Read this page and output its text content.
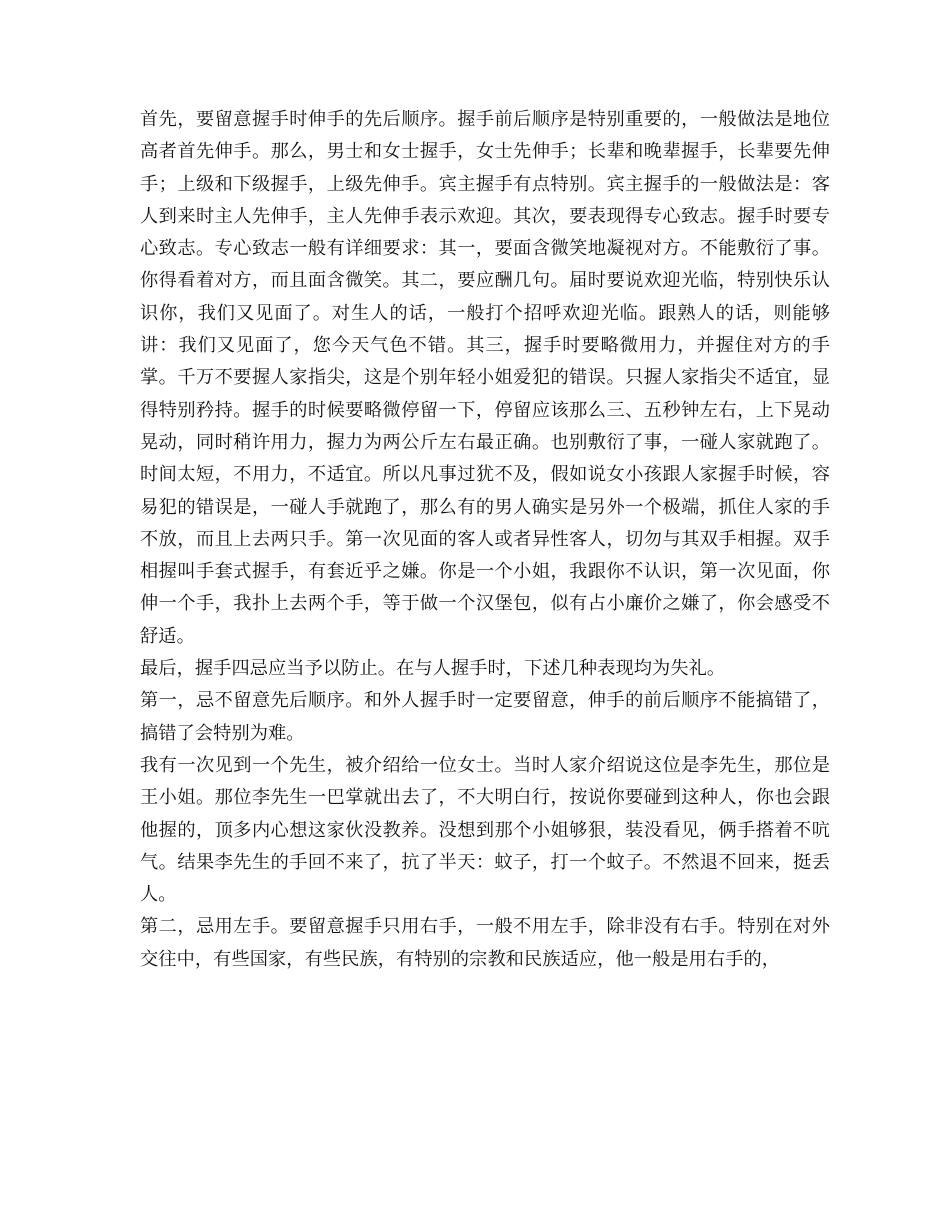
首先，要留意握手时伸手的先后顺序。握手前后顺序是特别重要的，一般做法是地位高者首先伸手。那么，男士和女士握手，女士先伸手；长辈和晚辈握手，长辈要先伸手；上级和下级握手，上级先伸手。宾主握手有点特别。宾主握手的一般做法是：客人到来时主人先伸手，主人先伸手表示欢迎。其次，要表现得专心致志。握手时要专心致志。专心致志一般有详细要求：其一，要面含微笑地凝视对方。不能敷衍了事。你得看着对方，而且面含微笑。其二，要应酬几句。届时要说欢迎光临，特别快乐认识你，我们又见面了。对生人的话，一般打个招呼欢迎光临。跟熟人的话，则能够讲：我们又见面了，您今天气色不错。其三，握手时要略微用力，并握住对方的手掌。千万不要握人家指尖，这是个别年轻小姐爱犯的错误。只握人家指尖不适宜，显得特别矜持。握手的时候要略微停留一下，停留应该那么三、五秒钟左右，上下晃动晃动，同时稍许用力，握力为两公斤左右最正确。也别敷衍了事，一碰人家就跑了。时间太短，不用力，不适宜。所以凡事过犹不及，假如说女小孩跟人家握手时候，容易犯的错误是，一碰人手就跑了，那么有的男人确实是另外一个极端，抓住人家的手不放，而且上去两只手。第一次见面的客人或者异性客人，切勿与其双手相握。双手相握叫手套式握手，有套近乎之嫌。你是一个小姐，我跟你不认识，第一次见面，你伸一个手，我扑上去两个手，等于做一个汉堡包，似有占小廉价之嫌了，你会感受不舒适。

最后，握手四忌应当予以防止。在与人握手时，下述几种表现均为失礼。

第一，忌不留意先后顺序。和外人握手时一定要留意，伸手的前后顺序不能搞错了，搞错了会特别为难。

我有一次见到一个先生，被介绍给一位女士。当时人家介绍说这位是李先生，那位是王小姐。那位李先生一巴掌就出去了，不大明白行，按说你要碰到这种人，你也会跟他握的，顶多内心想这家伙没教养。没想到那个小姐够狠，装没看见，俩手搭着不吭气。结果李先生的手回不来了，抗了半天：蚊子，打一个蚊子。不然退不回来，挺丢人。

第二，忌用左手。要留意握手只用右手，一般不用左手，除非没有右手。特别在对外交往中，有些国家，有些民族，有特别的宗教和民族适应，他一般是用右手的，
